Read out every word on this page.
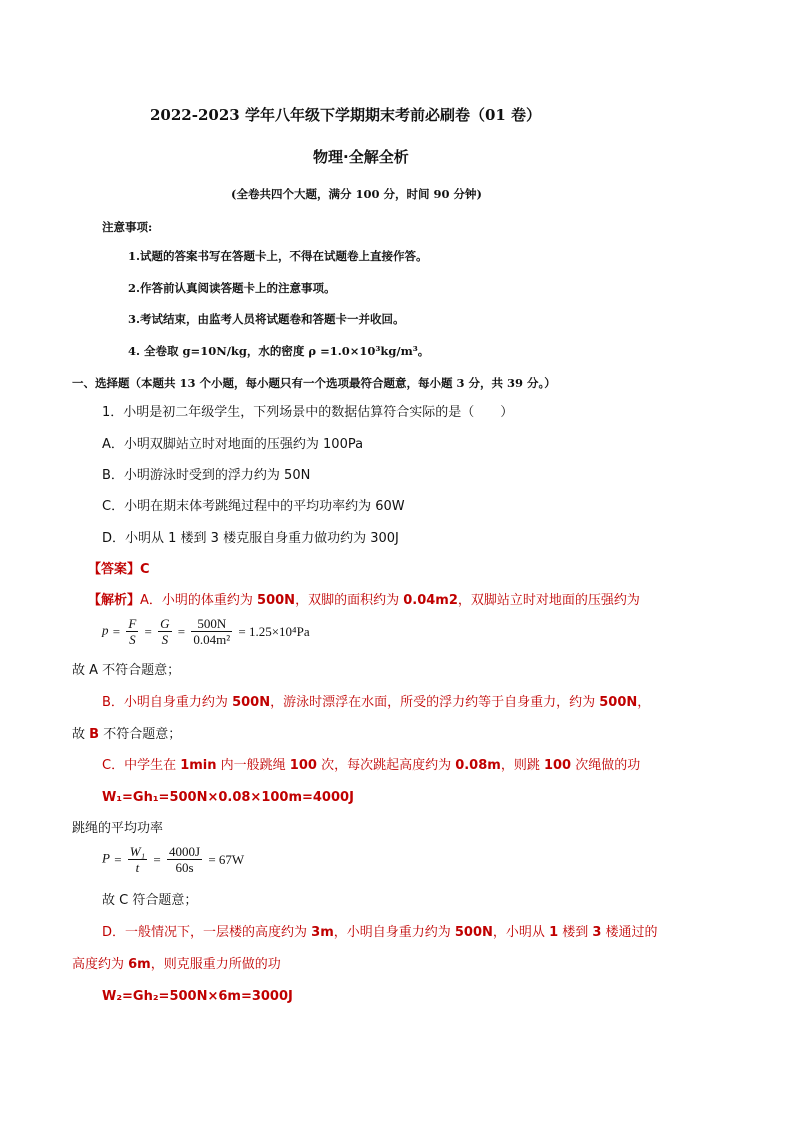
2022-2023 学年八年级下学期期末考前必刷卷（01 卷）
物理·全解全析
(全卷共四个大题，满分 100 分，时间 90 分钟)
注意事项:
1.试题的答案书写在答题卡上，不得在试题卷上直接作答。
2.作答前认真阅读答题卡上的注意事项。
3.考试结束，由监考人员将试题卷和答题卡一并收回。
4. 全卷取 g=10N/kg，水的密度 ρ =1.0×10³kg/m³。
一、选择题（本题共 13 个小题，每小题只有一个选项最符合题意，每小题 3 分，共 39 分。）
1．小明是初二年级学生，下列场景中的数据估算符合实际的是（　　）
A．小明双脚站立时对地面的压强约为 100Pa
B．小明游泳时受到的浮力约为 50N
C．小明在期末体考跳绳过程中的平均功率约为 60W
D．小明从 1 楼到 3 楼克服自身重力做功约为 300J
【答案】C
【解析】A．小明的体重约为 500N，双脚的面积约为 0.04m2，双脚站立时对地面的压强约为
$p = \frac{F}{S} = \frac{G}{S} = \frac{500N}{\text{0.04m²}} = 1.25\times 10^4Pa$
故 A 不符合题意；
B．小明自身重力约为 500N，游泳时漂浮在水面，所受的浮力约等于自身重力，约为 500N，
故 B 不符合题意；
C．中学生在 1min 内一般跳绳 100 次，每次跳起高度约为 0.08m，则跳 100 次绳做的功
W₁=Gh₁=500N×0.08×100m=4000J
跳绳的平均功率
$P = \frac{\text{W₁}}{t} = \frac{4000J}{60s} = 67W$
故 C 符合题意；
D．一般情况下，一层楼的高度约为 3m，小明自身重力约为 500N，小明从 1 楼到 3 楼通过的
高度约为 6m，则克服重力所做的功
W₂=Gh₂=500N×6m=3000J
